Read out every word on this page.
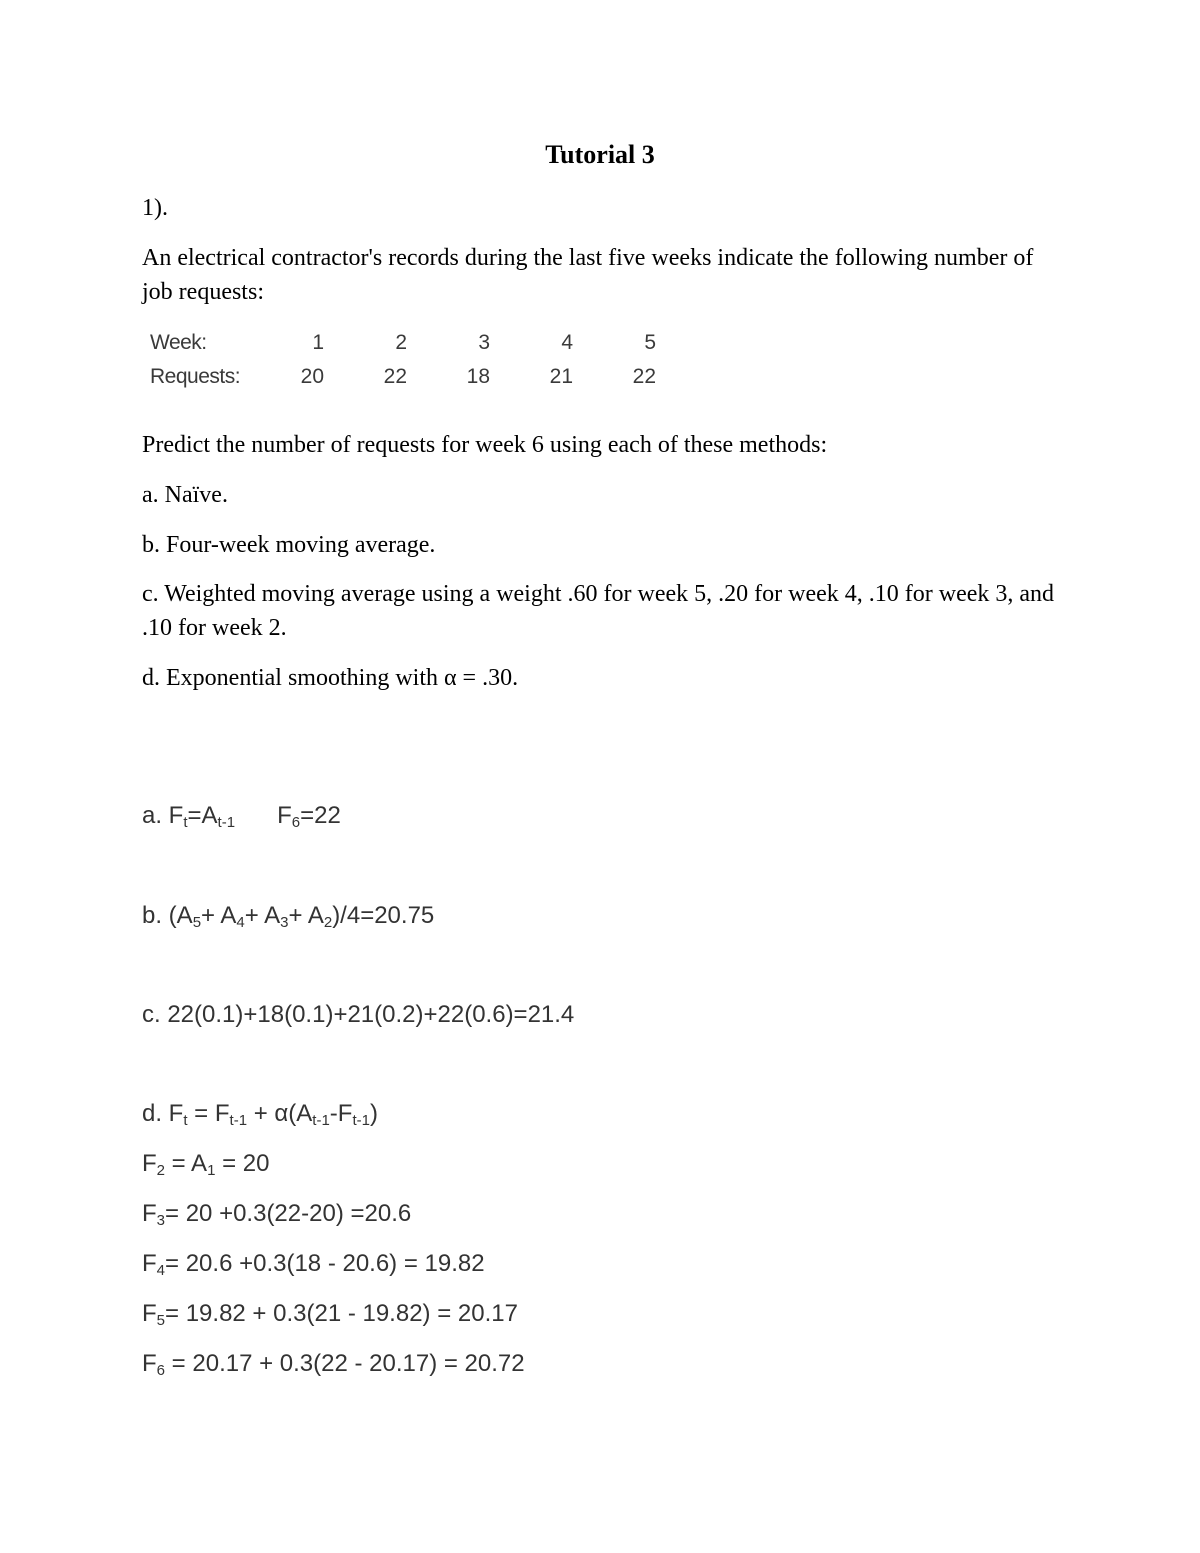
Tutorial 3
1).
An electrical contractor's records during the last five weeks indicate the following number of job requests:
Week:	1	2	3	4	5
Requests:	20	22	18	21	22
Predict the number of requests for week 6 using each of these methods:
a. Naïve.
b. Four-week moving average.
c. Weighted moving average using a weight .60 for week 5, .20 for week 4, .10 for week 3, and .10 for week 2.
d. Exponential smoothing with α = .30.
a. $F_t=A_{t-1}$ $F_6=22$
b. $(A_5+ A_4+ A_3+ A_2)/4=20.75$
c. 22(0.1)+18(0.1)+21(0.2)+22(0.6)=21.4
d. $F_t = F_{t-1} + \alpha(A_{t-1}-F_{t-1})$
$F_2 = A_1 = 20$
$F_3= 20 +0.3(22-20) =20.6$
$F_4= 20.6 +0.3(18 - 20.6) = 19.82$
$F_5= 19.82 + 0.3(21 - 19.82) = 20.17$
$F_6 = 20.17 + 0.3(22 - 20.17) = 20.72$
